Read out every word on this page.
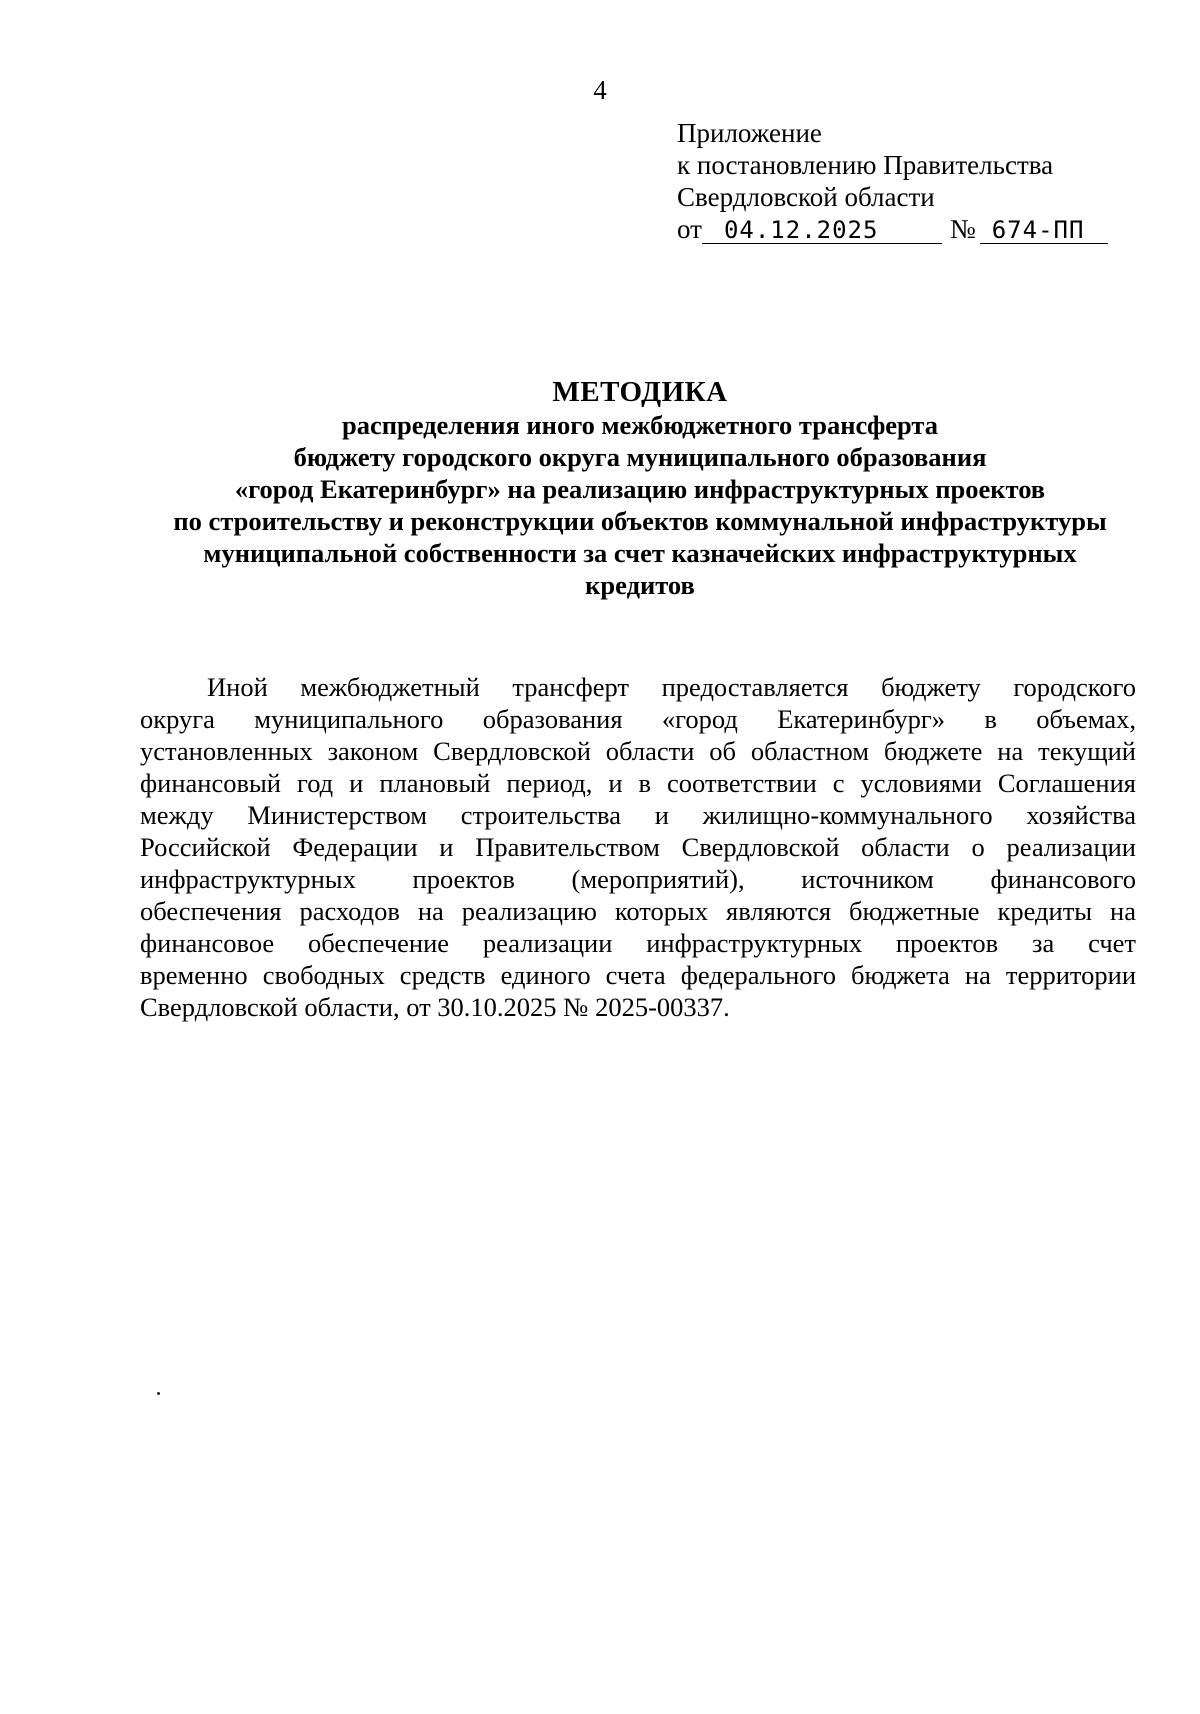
4
Приложение
к постановлению Правительства
Свердловской области
от 04.12.2025	№ 674-ПП
МЕТОДИКА
распределения иного межбюджетного трансферта
бюджету городского округа муниципального образования
«город Екатеринбург» на реализацию инфраструктурных проектов
по строительству и реконструкции объектов коммунальной инфраструктуры
муниципальной собственности за счет казначейских инфраструктурных
кредитов
Иной межбюджетный трансферт предоставляется бюджету городского
округа муниципального образования «город Екатеринбург» в объемах,
установленных законом Свердловской области об областном бюджете на текущий
финансовый год и плановый период, и в соответствии с условиями Соглашения
между Министерством строительства и жилищно-коммунального хозяйства
Российской Федерации и Правительством Свердловской области о реализации
инфраструктурных проектов (мероприятий), источником финансового
обеспечения расходов на реализацию которых являются бюджетные кредиты на
финансовое обеспечение реализации инфраструктурных проектов за счет
временно свободных средств единого счета федерального бюджета на территории
Свердловской области, от 30.10.2025 № 2025-00337.
